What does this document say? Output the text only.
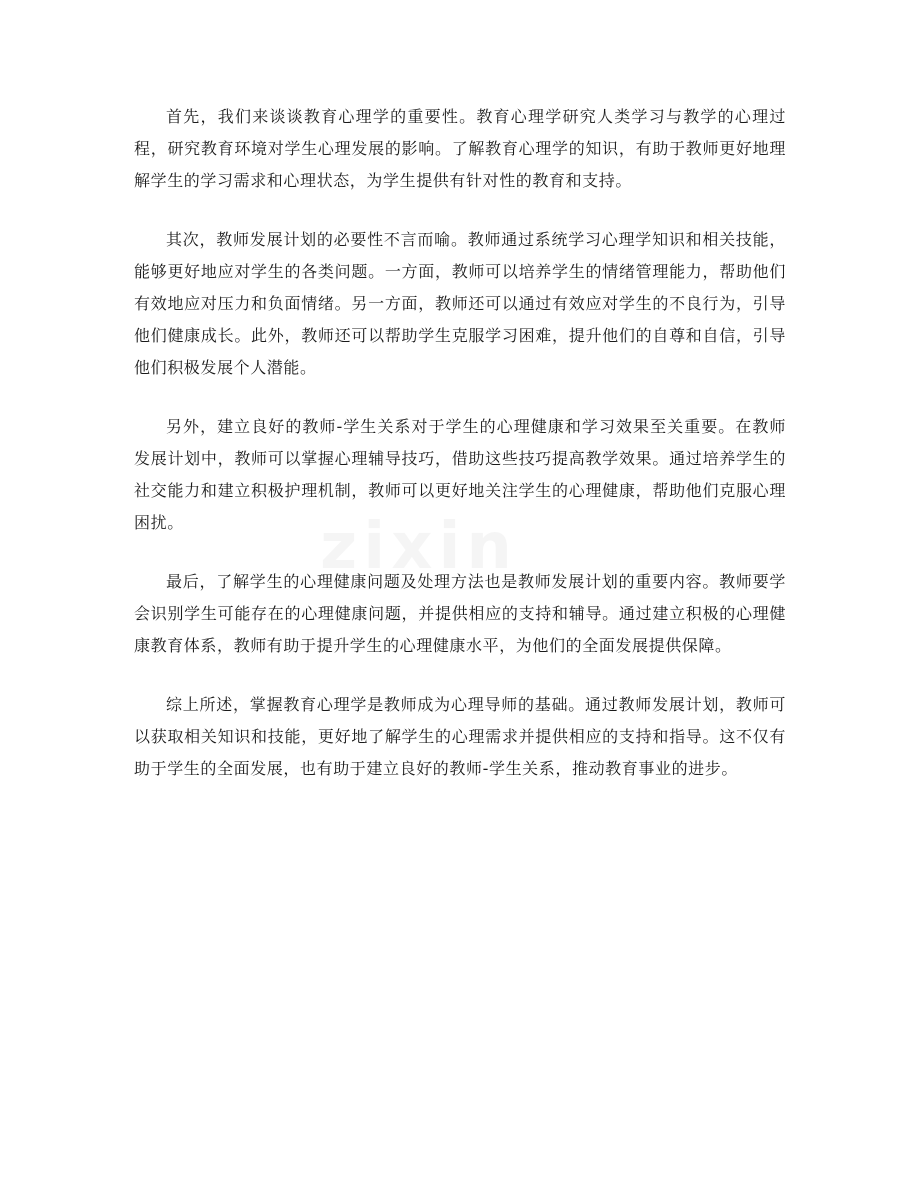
首先，我们来谈谈教育心理学的重要性。教育心理学研究人类学习与教学的心理过程，研究教育环境对学生心理发展的影响。了解教育心理学的知识，有助于教师更好地理解学生的学习需求和心理状态，为学生提供有针对性的教育和支持。

其次，教师发展计划的必要性不言而喻。教师通过系统学习心理学知识和相关技能，能够更好地应对学生的各类问题。一方面，教师可以培养学生的情绪管理能力，帮助他们有效地应对压力和负面情绪。另一方面，教师还可以通过有效应对学生的不良行为，引导他们健康成长。此外，教师还可以帮助学生克服学习困难，提升他们的自尊和自信，引导他们积极发展个人潜能。

另外，建立良好的教师-学生关系对于学生的心理健康和学习效果至关重要。在教师发展计划中，教师可以掌握心理辅导技巧，借助这些技巧提高教学效果。通过培养学生的社交能力和建立积极护理机制，教师可以更好地关注学生的心理健康，帮助他们克服心理困扰。

最后，了解学生的心理健康问题及处理方法也是教师发展计划的重要内容。教师要学会识别学生可能存在的心理健康问题，并提供相应的支持和辅导。通过建立积极的心理健康教育体系，教师有助于提升学生的心理健康水平，为他们的全面发展提供保障。

综上所述，掌握教育心理学是教师成为心理导师的基础。通过教师发展计划，教师可以获取相关知识和技能，更好地了解学生的心理需求并提供相应的支持和指导。这不仅有助于学生的全面发展，也有助于建立良好的教师-学生关系，推动教育事业的进步。
